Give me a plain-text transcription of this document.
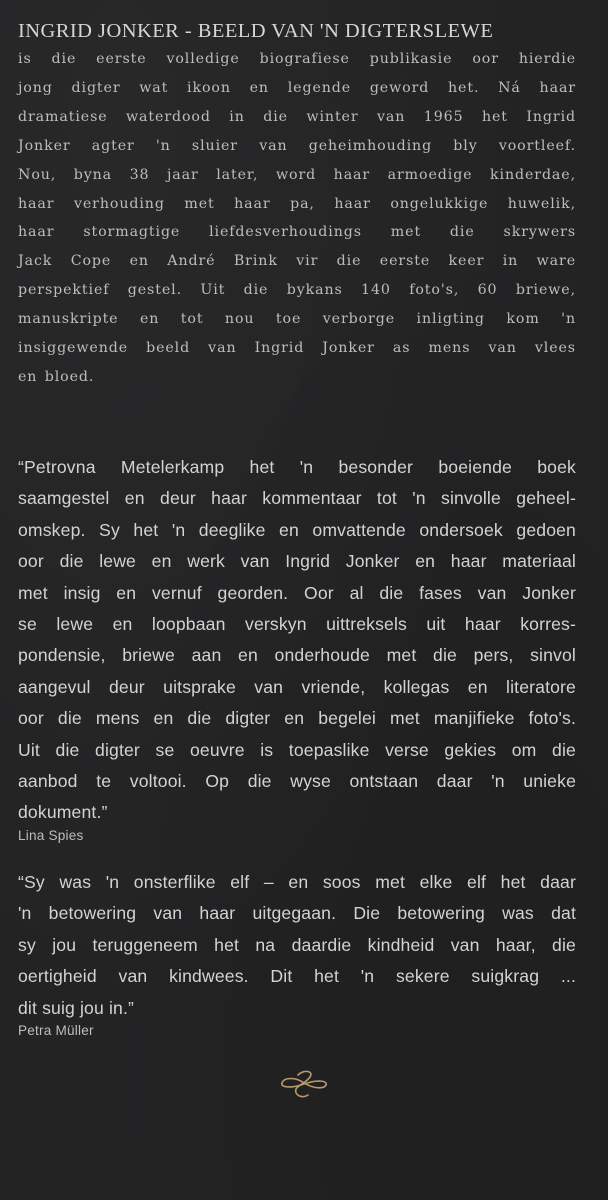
INGRID JONKER - BEELD VAN 'N DIGTERSLEWE

is die eerste volledige biografiese publikasie oor hierdie
jong digter wat ikoon en legende geword het. Ná haar
dramatiese waterdood in die winter van 1965 het Ingrid
Jonker agter 'n sluier van geheimhouding bly voortleef.
Nou, byna 38 jaar later, word haar armoedige kinderdae,
haar verhouding met haar pa, haar ongelukkige huwelik,
haar stormagtige liefdesverhoudings met die skrywers
Jack Cope en André Brink vir die eerste keer in ware
perspektief gestel. Uit die bykans 140 foto's, 60 briewe,
manuskripte en tot nou toe verborge inligting kom 'n
insiggewende beeld van Ingrid Jonker as mens van vlees
en bloed.

“Petrovna Metelerkamp het 'n besonder boeiende boek
saamgestel en deur haar kommentaar tot 'n sinvolle geheel-
omskep. Sy het 'n deeglike en omvattende ondersoek gedoen
oor die lewe en werk van Ingrid Jonker en haar materiaal
met insig en vernuf georden. Oor al die fases van Jonker
se lewe en loopbaan verskyn uittreksels uit haar korres-
pondensie, briewe aan en onderhoude met die pers, sinvol
aangevul deur uitsprake van vriende, kollegas en literatore
oor die mens en die digter en begelei met manjifieke foto's.
Uit die digter se oeuvre is toepaslike verse gekies om die
aanbod te voltooi. Op die wyse ontstaan daar 'n unieke
dokument.”

Lina Spies

“Sy was 'n onsterflike elf – en soos met elke elf het daar
'n betowering van haar uitgegaan. Die betowering was dat
sy jou teruggeneem het na daardie kindheid van haar, die
oertigheid van kindwees. Dit het 'n sekere suigkrag ...
dit suig jou in.”

Petra Müller
